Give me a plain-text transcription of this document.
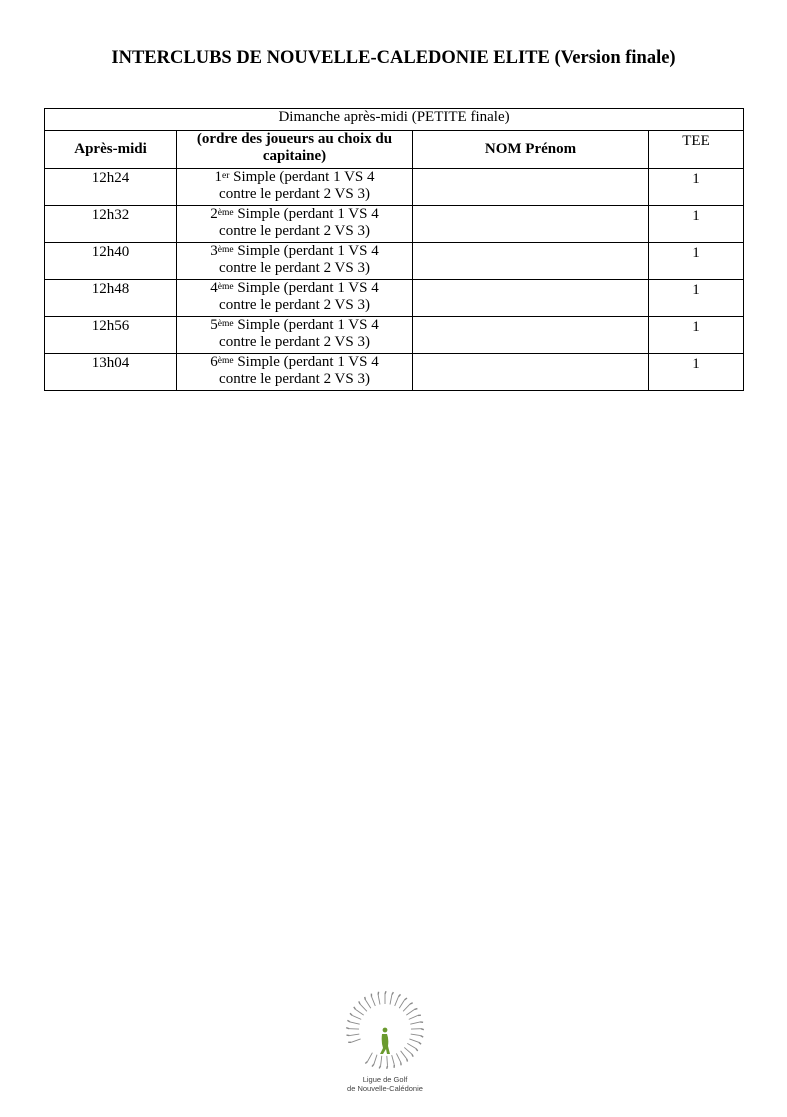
INTERCLUBS DE NOUVELLE-CALEDONIE ELITE (Version finale)
Dimanche après-midi (PETITE finale)			
Après-midi	(ordre des joueurs au choix du capitaine)	NOM Prénom	TEE
12h24	1er Simple (perdant 1 VS 4
contre le perdant 2 VS 3)		1
12h32	2ème Simple (perdant 1 VS 4
contre le perdant 2 VS 3)		1
12h40	3ème Simple (perdant 1 VS 4
contre le perdant 2 VS 3)		1
12h48	4ème Simple (perdant 1 VS 4
contre le perdant 2 VS 3)		1
12h56	5ème Simple (perdant 1 VS 4
contre le perdant 2 VS 3)		1
13h04	6ème Simple (perdant 1 VS 4
contre le perdant 2 VS 3)		1
Ligue de Golf
de Nouvelle-Calédonie
